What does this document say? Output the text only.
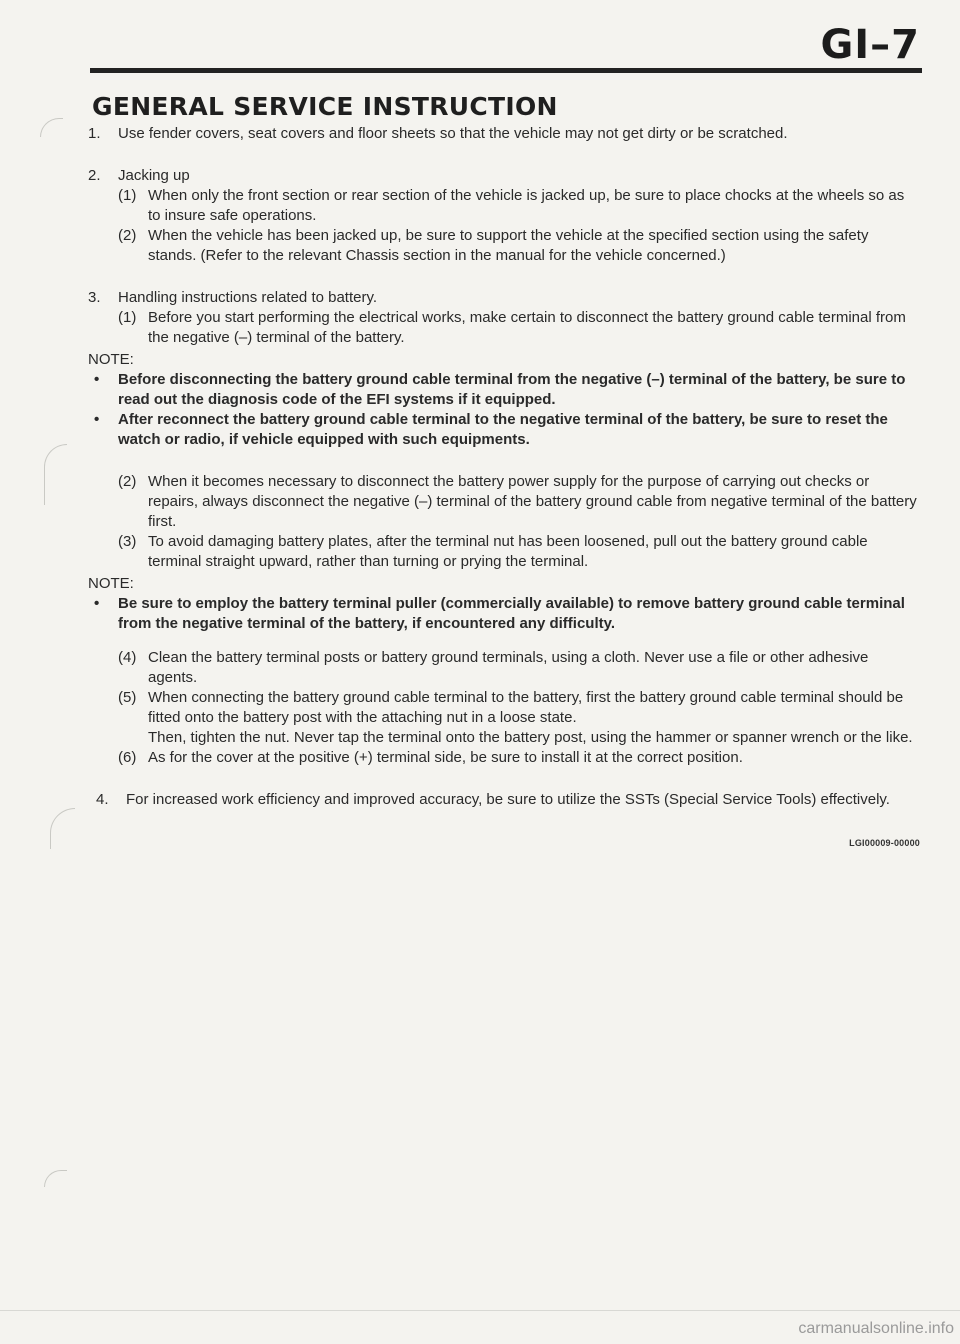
GI–7
GENERAL SERVICE INSTRUCTION
1. Use fender covers, seat covers and floor sheets so that the vehicle may not get dirty or be scratched.
2. Jacking up
(1) When only the front section or rear section of the vehicle is jacked up, be sure to place chocks at the wheels so as to insure safe operations.
(2) When the vehicle has been jacked up, be sure to support the vehicle at the specified section using the safety stands. (Refer to the relevant Chassis section in the manual for the vehicle concerned.)
3. Handling instructions related to battery.
(1) Before you start performing the electrical works, make certain to disconnect the battery ground cable terminal from the negative (–) terminal of the battery.
NOTE:
• Before disconnecting the battery ground cable terminal from the negative (–) terminal of the battery, be sure to read out the diagnosis code of the EFI systems if it equipped.
• After reconnect the battery ground cable terminal to the negative terminal of the battery, be sure to reset the watch or radio, if vehicle equipped with such equipments.
(2) When it becomes necessary to disconnect the battery power supply for the purpose of carrying out checks or repairs, always disconnect the negative (–) terminal of the battery ground cable from negative terminal of the battery first.
(3) To avoid damaging battery plates, after the terminal nut has been loosened, pull out the battery ground cable terminal straight upward, rather than turning or prying the terminal.
NOTE:
• Be sure to employ the battery terminal puller (commercially available) to remove battery ground cable terminal from the negative terminal of the battery, if encountered any difficulty.
(4) Clean the battery terminal posts or battery ground terminals, using a cloth. Never use a file or other adhesive agents.
(5) When connecting the battery ground cable terminal to the battery, first the battery ground cable terminal should be fitted onto the battery post with the attaching nut in a loose state.
Then, tighten the nut. Never tap the terminal onto the battery post, using the hammer or spanner wrench or the like.
(6) As for the cover at the positive (+) terminal side, be sure to install it at the correct position.
4. For increased work efficiency and improved accuracy, be sure to utilize the SSTs (Special Service Tools) effectively.
LGI00009-00000
carmanualsonline.info
